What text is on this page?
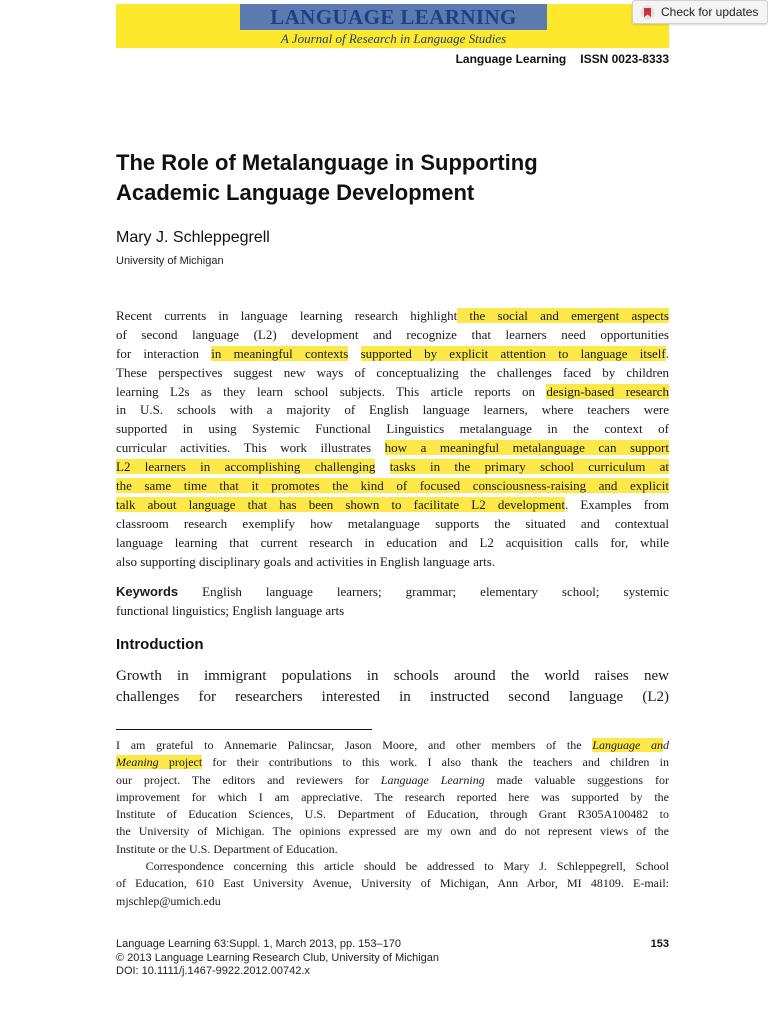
LANGUAGE LEARNING
A Journal of Research in Language Studies
Check for updates
Language Learning ISSN 0023-8333
The Role of Metalanguage in Supporting
Academic Language Development
Mary J. Schleppegrell
University of Michigan
Recent currents in language learning research highlight the social and emergent aspects
of second language (L2) development and recognize that learners need opportunities
for interaction in meaningful contexts supported by explicit attention to language itself.
These perspectives suggest new ways of conceptualizing the challenges faced by children
learning L2s as they learn school subjects. This article reports on design-based research
in U.S. schools with a majority of English language learners, where teachers were
supported in using Systemic Functional Linguistics metalanguage in the context of
curricular activities. This work illustrates how a meaningful metalanguage can support
L2 learners in accomplishing challenging tasks in the primary school curriculum at
the same time that it promotes the kind of focused consciousness-raising and explicit
talk about language that has been shown to facilitate L2 development. Examples from
classroom research exemplify how metalanguage supports the situated and contextual
language learning that current research in education and L2 acquisition calls for, while
also supporting disciplinary goals and activities in English language arts.
Keywords English language learners; grammar; elementary school; systemic
functional linguistics; English language arts
Introduction
Growth in immigrant populations in schools around the world raises new
challenges for researchers interested in instructed second language (L2)
I am grateful to Annemarie Palincsar, Jason Moore, and other members of the Language and
Meaning project for their contributions to this work. I also thank the teachers and children in
our project. The editors and reviewers for Language Learning made valuable suggestions for
improvement for which I am appreciative. The research reported here was supported by the
Institute of Education Sciences, U.S. Department of Education, through Grant R305A100482 to
the University of Michigan. The opinions expressed are my own and do not represent views of the
Institute or the U.S. Department of Education.
Correspondence concerning this article should be addressed to Mary J. Schleppegrell, School
of Education, 610 East University Avenue, University of Michigan, Ann Arbor, MI 48109. E-mail:
mjschlep@umich.edu
Language Learning 63:Suppl. 1, March 2013, pp. 153–170
© 2013 Language Learning Research Club, University of Michigan
DOI: 10.1111/j.1467-9922.2012.00742.x
153
